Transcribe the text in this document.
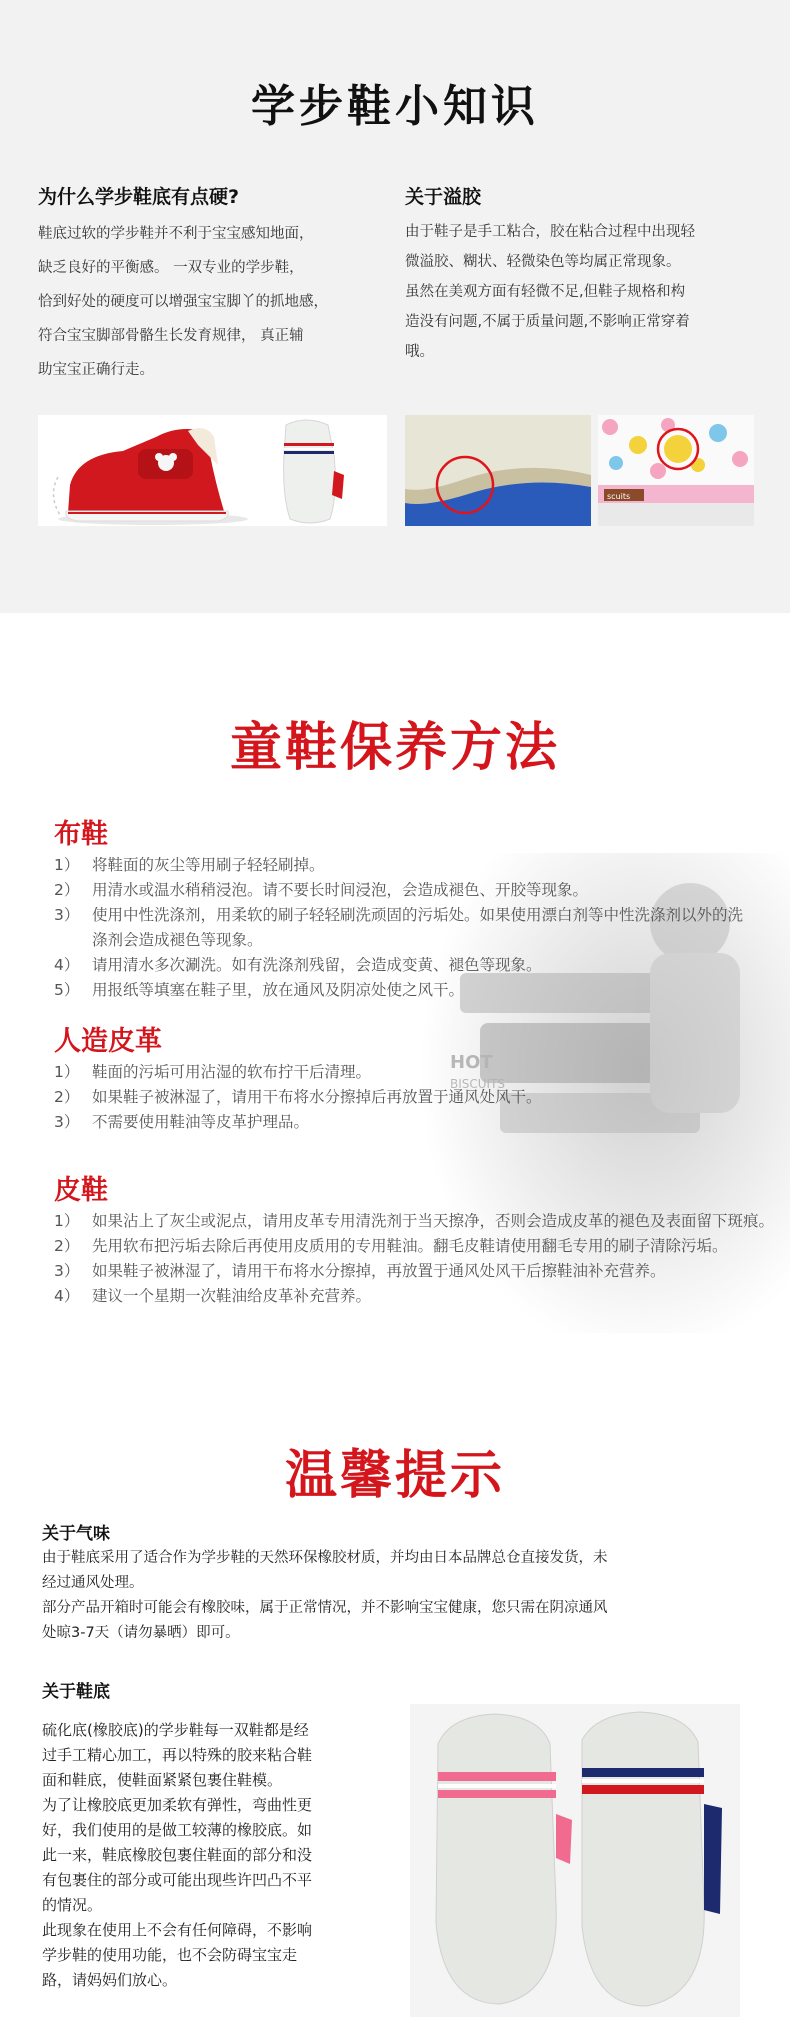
学步鞋小知识
为什么学步鞋底有点硬?

鞋底过软的学步鞋并不利于宝宝感知地面，
缺乏良好的平衡感。 一双专业的学步鞋，
恰到好处的硬度可以增强宝宝脚丫的抓地感，
符合宝宝脚部骨骼生长发育规律， 真正辅
助宝宝正确行走。

关于溢胶

由于鞋子是手工粘合，胶在粘合过程中出现轻
微溢胶、糊状、轻微染色等均属正常现象。
虽然在美观方面有轻微不足,但鞋子规格和构
造没有问题,不属于质量问题,不影响正常穿着
哦。

scuits
HOT
BISCUITS
童鞋保养方法
布鞋
1） 将鞋面的灰尘等用刷子轻轻刷掉。
2） 用清水或温水稍稍浸泡。请不要长时间浸泡，会造成褪色、开胶等现象。
3） 使用中性洗涤剂，用柔软的刷子轻轻刷洗顽固的污垢处。如果使用漂白剂等中性洗涤剂以外的洗涤剂会造成褪色等现象。
4） 请用清水多次涮洗。如有洗涤剂残留，会造成变黄、褪色等现象。
5） 用报纸等填塞在鞋子里，放在通风及阴凉处使之风干。
人造皮革
1） 鞋面的污垢可用沾湿的软布拧干后清理。
2） 如果鞋子被淋湿了，请用干布将水分擦掉后再放置于通风处风干。
3） 不需要使用鞋油等皮革护理品。
皮鞋
1） 如果沾上了灰尘或泥点，请用皮革专用清洗剂于当天擦净，否则会造成皮革的褪色及表面留下斑痕。
2） 先用软布把污垢去除后再使用皮质用的专用鞋油。翻毛皮鞋请使用翻毛专用的刷子清除污垢。
3） 如果鞋子被淋湿了，请用干布将水分擦掉，再放置于通风处风干后擦鞋油补充营养。
4） 建议一个星期一次鞋油给皮革补充营养。
温馨提示
关于气味

由于鞋底采用了适合作为学步鞋的天然环保橡胶材质，并均由日本品牌总仓直接发货，未
经过通风处理。
部分产品开箱时可能会有橡胶味，属于正常情况，并不影响宝宝健康，您只需在阴凉通风
处晾3-7天（请勿暴晒）即可。

关于鞋底

硫化底(橡胶底)的学步鞋每一双鞋都是经
过手工精心加工，再以特殊的胶来粘合鞋
面和鞋底，使鞋面紧紧包裹住鞋模。
为了让橡胶底更加柔软有弹性，弯曲性更
好，我们使用的是做工较薄的橡胶底。如
此一来，鞋底橡胶包裹住鞋面的部分和没
有包裹住的部分或可能出现些许凹凸不平
的情况。
此现象在使用上不会有任何障碍，不影响
学步鞋的使用功能，也不会防碍宝宝走
路，请妈妈们放心。
